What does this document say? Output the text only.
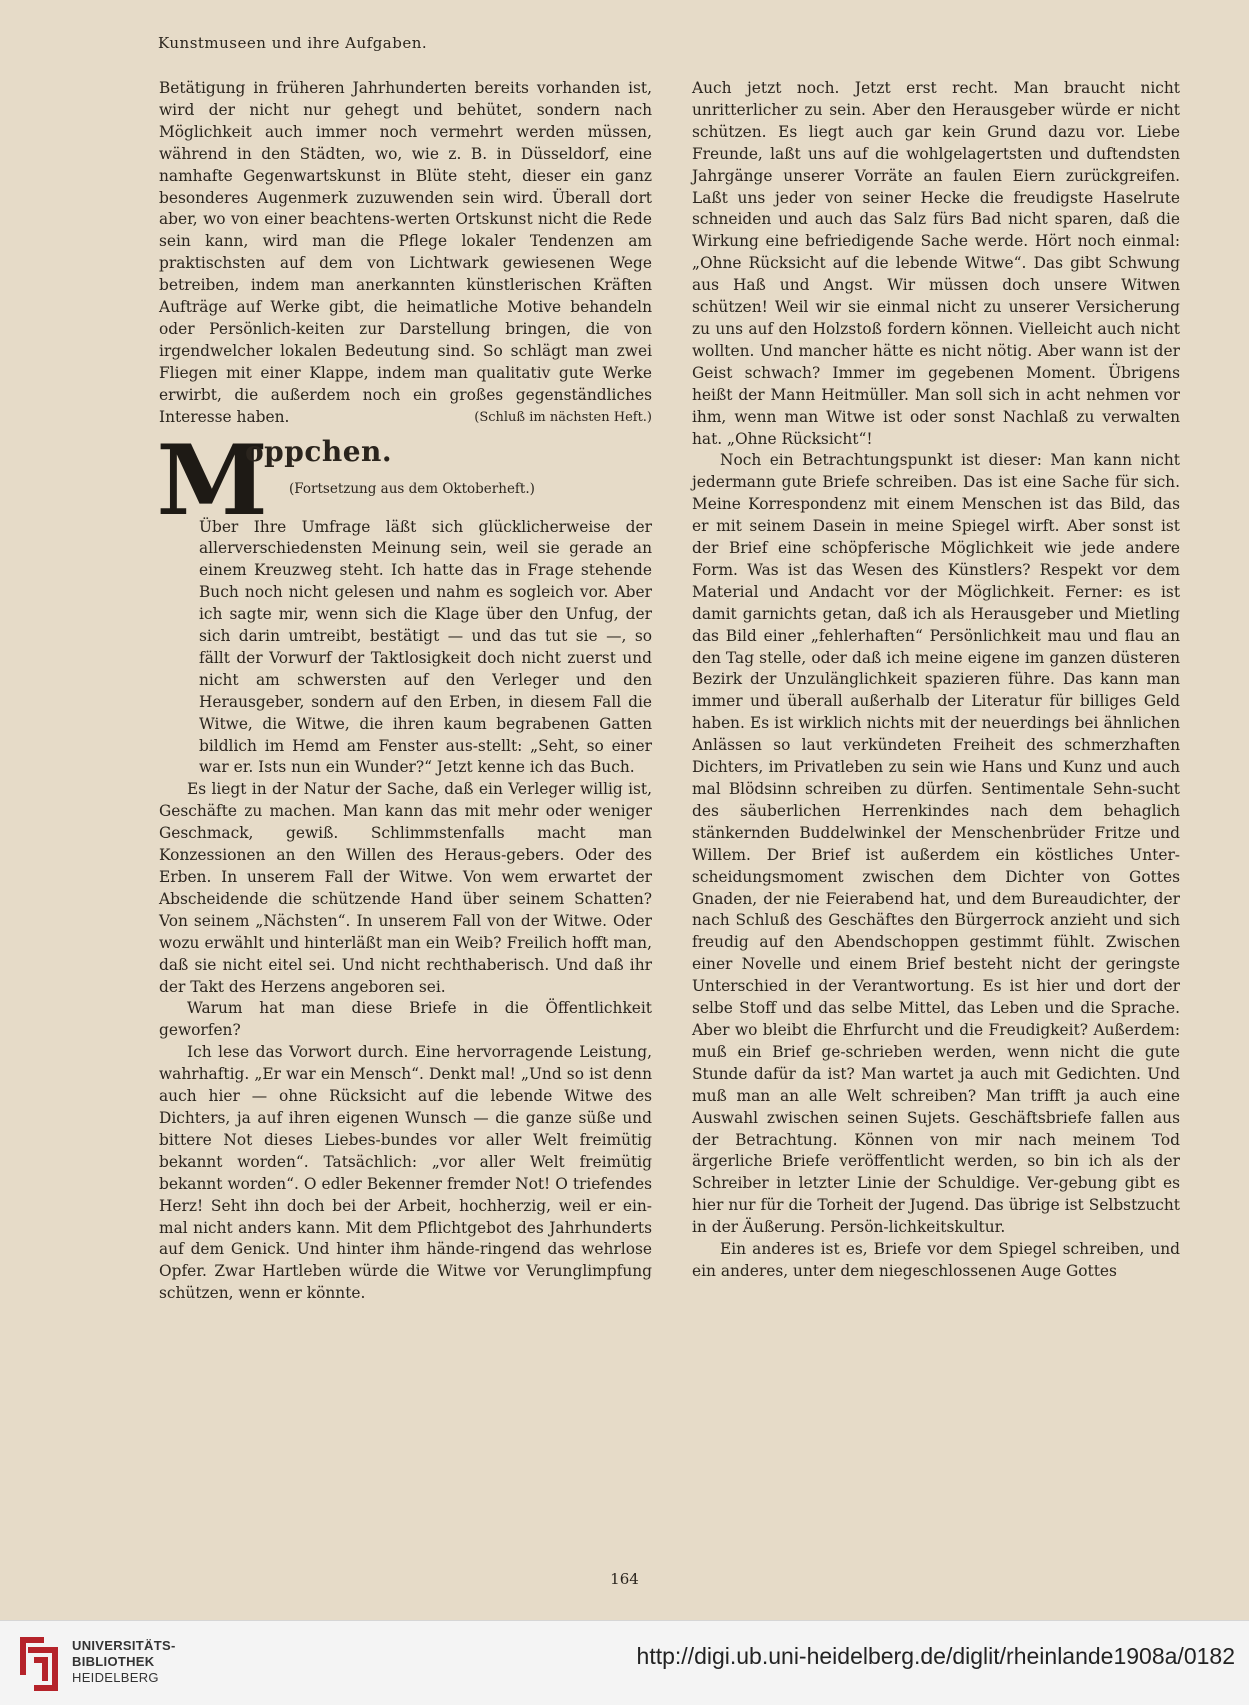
Kunstmuseen und ihre Aufgaben.

Betätigung in früheren Jahrhunderten bereits vorhanden ist, wird der nicht nur gehegt und behütet, sondern nach Möglichkeit auch immer noch vermehrt werden müssen, während in den Städten, wo, wie z. B. in Düsseldorf, eine namhafte Gegenwartskunst in Blüte steht, dieser ein ganz besonderes Augenmerk zuzuwenden sein wird. Überall dort aber, wo von einer beachtens-werten Ortskunst nicht die Rede sein kann, wird man die Pflege lokaler Tendenzen am praktischsten auf dem von Lichtwark gewiesenen Wege betreiben, indem man anerkannten künstlerischen Kräften Aufträge auf Werke gibt, die heimatliche Motive behandeln oder Persönlich-keiten zur Darstellung bringen, die von irgendwelcher lokalen Bedeutung sind. So schlägt man zwei Fliegen mit einer Klappe, indem man qualitativ gute Werke erwirbt, die außerdem noch ein großes gegenständliches Interesse haben.	(Schluß im nächsten Heft.)

M
oppchen.
(Fortsetzung aus dem Oktoberheft.)

Über Ihre Umfrage läßt sich glücklicherweise der allerverschiedensten Meinung sein, weil sie gerade an einem Kreuzweg steht. Ich hatte das in Frage stehende Buch noch nicht gelesen und nahm es sogleich vor. Aber ich sagte mir, wenn sich die Klage über den Unfug, der sich darin umtreibt, bestätigt — und das tut sie —, so fällt der Vorwurf der Taktlosigkeit doch nicht zuerst und nicht am schwersten auf den Verleger und den Herausgeber, sondern auf den Erben, in diesem Fall die Witwe, die Witwe, die ihren kaum begrabenen Gatten bildlich im Hemd am Fenster aus-stellt: „Seht, so einer war er. Ists nun ein Wunder?“ Jetzt kenne ich das Buch.

Es liegt in der Natur der Sache, daß ein Verleger willig ist, Geschäfte zu machen. Man kann das mit mehr oder weniger Geschmack, gewiß. Schlimmstenfalls macht man Konzessionen an den Willen des Heraus-gebers. Oder des Erben. In unserem Fall der Witwe. Von wem erwartet der Abscheidende die schützende Hand über seinem Schatten? Von seinem „Nächsten“. In unserem Fall von der Witwe. Oder wozu erwählt und hinterläßt man ein Weib? Freilich hofft man, daß sie nicht eitel sei. Und nicht rechthaberisch. Und daß ihr der Takt des Herzens angeboren sei.

Warum hat man diese Briefe in die Öffentlichkeit geworfen?

Ich lese das Vorwort durch. Eine hervorragende Leistung, wahrhaftig. „Er war ein Mensch“. Denkt mal! „Und so ist denn auch hier — ohne Rücksicht auf die lebende Witwe des Dichters, ja auf ihren eigenen Wunsch — die ganze süße und bittere Not dieses Liebes-bundes vor aller Welt freimütig bekannt worden“. Tatsächlich: „vor aller Welt freimütig bekannt worden“. O edler Bekenner fremder Not! O triefendes Herz! Seht ihn doch bei der Arbeit, hochherzig, weil er ein-mal nicht anders kann. Mit dem Pflichtgebot des Jahrhunderts auf dem Genick. Und hinter ihm hände-ringend das wehrlose Opfer. Zwar Hartleben würde die Witwe vor Verunglimpfung schützen, wenn er könnte.

Auch jetzt noch. Jetzt erst recht. Man braucht nicht unritterlicher zu sein. Aber den Herausgeber würde er nicht schützen. Es liegt auch gar kein Grund dazu vor. Liebe Freunde, laßt uns auf die wohlgelagertsten und duftendsten Jahrgänge unserer Vorräte an faulen Eiern zurückgreifen. Laßt uns jeder von seiner Hecke die freudigste Haselrute schneiden und auch das Salz fürs Bad nicht sparen, daß die Wirkung eine befriedigende Sache werde. Hört noch einmal: „Ohne Rücksicht auf die lebende Witwe“. Das gibt Schwung aus Haß und Angst. Wir müssen doch unsere Witwen schützen! Weil wir sie einmal nicht zu unserer Versicherung zu uns auf den Holzstoß fordern können. Vielleicht auch nicht wollten. Und mancher hätte es nicht nötig. Aber wann ist der Geist schwach? Immer im gegebenen Moment. Übrigens heißt der Mann Heitmüller. Man soll sich in acht nehmen vor ihm, wenn man Witwe ist oder sonst Nachlaß zu verwalten hat. „Ohne Rücksicht“!

Noch ein Betrachtungspunkt ist dieser: Man kann nicht jedermann gute Briefe schreiben. Das ist eine Sache für sich. Meine Korrespondenz mit einem Menschen ist das Bild, das er mit seinem Dasein in meine Spiegel wirft. Aber sonst ist der Brief eine schöpferische Möglichkeit wie jede andere Form. Was ist das Wesen des Künstlers? Respekt vor dem Material und Andacht vor der Möglichkeit. Ferner: es ist damit garnichts getan, daß ich als Herausgeber und Mietling das Bild einer „fehlerhaften“ Persönlichkeit mau und flau an den Tag stelle, oder daß ich meine eigene im ganzen düsteren Bezirk der Unzulänglichkeit spazieren führe. Das kann man immer und überall außerhalb der Literatur für billiges Geld haben. Es ist wirklich nichts mit der neuerdings bei ähnlichen Anlässen so laut verkündeten Freiheit des schmerzhaften Dichters, im Privatleben zu sein wie Hans und Kunz und auch mal Blödsinn schreiben zu dürfen. Sentimentale Sehn-sucht des säuberlichen Herrenkindes nach dem behaglich stänkernden Buddelwinkel der Menschenbrüder Fritze und Willem. Der Brief ist außerdem ein köstliches Unter-scheidungsmoment zwischen dem Dichter von Gottes Gnaden, der nie Feierabend hat, und dem Bureaudichter, der nach Schluß des Geschäftes den Bürgerrock anzieht und sich freudig auf den Abendschoppen gestimmt fühlt. Zwischen einer Novelle und einem Brief besteht nicht der geringste Unterschied in der Verantwortung. Es ist hier und dort der selbe Stoff und das selbe Mittel, das Leben und die Sprache. Aber wo bleibt die Ehrfurcht und die Freudigkeit? Außerdem: muß ein Brief ge-schrieben werden, wenn nicht die gute Stunde dafür da ist? Man wartet ja auch mit Gedichten. Und muß man an alle Welt schreiben? Man trifft ja auch eine Auswahl zwischen seinen Sujets. Geschäftsbriefe fallen aus der Betrachtung. Können von mir nach meinem Tod ärgerliche Briefe veröffentlicht werden, so bin ich als der Schreiber in letzter Linie der Schuldige. Ver-gebung gibt es hier nur für die Torheit der Jugend. Das übrige ist Selbstzucht in der Äußerung. Persön-lichkeitskultur.

Ein anderes ist es, Briefe vor dem Spiegel schreiben, und ein anderes, unter dem niegeschlossenen Auge Gottes

164
UNIVERSITÄTS-
BIBLIOTHEK
HEIDELBERG
http://digi.ub.uni-heidelberg.de/diglit/rheinlande1908a/0182
